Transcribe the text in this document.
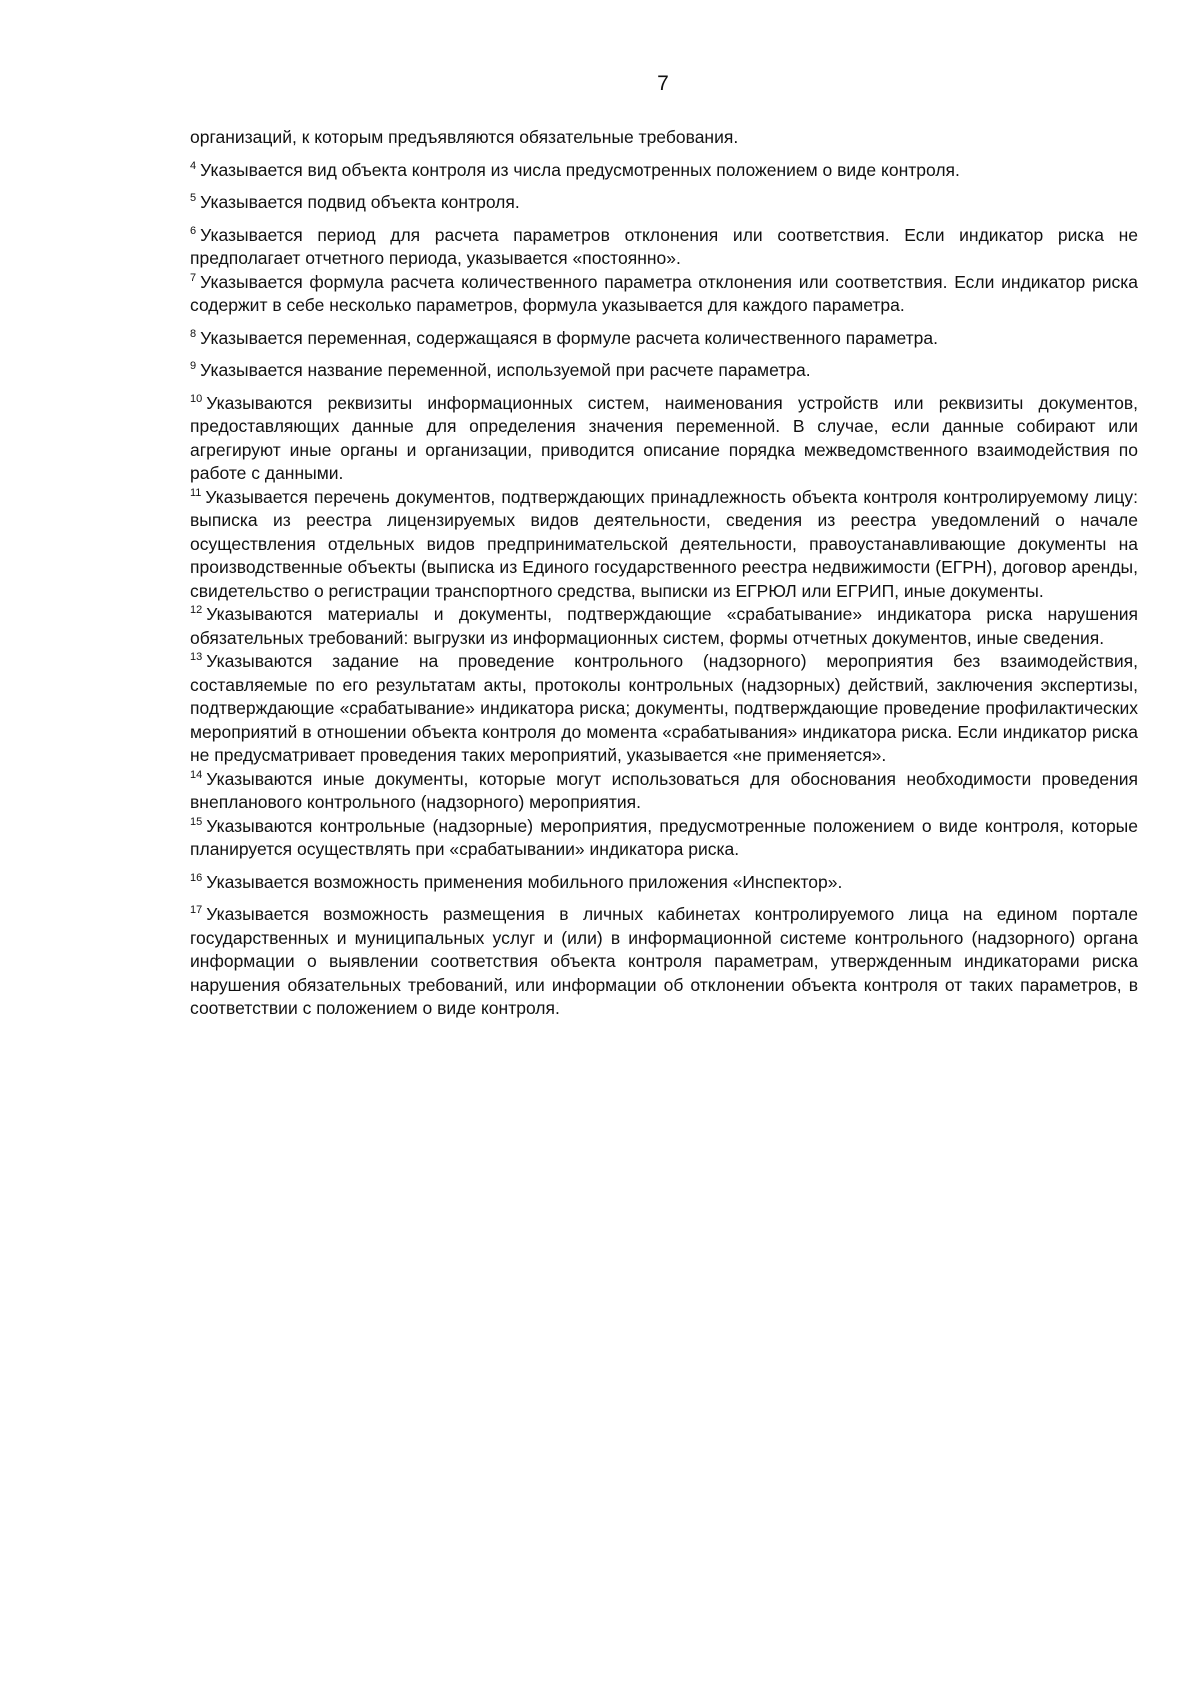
7

организаций, к которым предъявляются обязательные требования.

$^4$ Указывается вид объекта контроля из числа предусмотренных положением о виде контроля.

$^5$ Указывается подвид объекта контроля.

$^6$ Указывается период для расчета параметров отклонения или соответствия. Если индикатор риска не предполагает отчетного периода, указывается «постоянно».

$^7$ Указывается формула расчета количественного параметра отклонения или соответствия. Если индикатор риска содержит в себе несколько параметров, формула указывается для каждого параметра.

$^8$ Указывается переменная, содержащаяся в формуле расчета количественного параметра.

$^9$ Указывается название переменной, используемой при расчете параметра.

$^{10}$ Указываются реквизиты информационных систем, наименования устройств или реквизиты документов, предоставляющих данные для определения значения переменной. В случае, если данные собирают или агрегируют иные органы и организации, приводится описание порядка межведомственного взаимодействия по работе с данными.

$^{11}$ Указывается перечень документов, подтверждающих принадлежность объекта контроля контролируемому лицу: выписка из реестра лицензируемых видов деятельности, сведения из реестра уведомлений о начале осуществления отдельных видов предпринимательской деятельности, правоустанавливающие документы на производственные объекты (выписка из Единого государственного реестра недвижимости (ЕГРН), договор аренды, свидетельство о регистрации транспортного средства, выписки из ЕГРЮЛ или ЕГРИП, иные документы.

$^{12}$ Указываются материалы и документы, подтверждающие «срабатывание» индикатора риска нарушения обязательных требований: выгрузки из информационных систем, формы отчетных документов, иные сведения.

$^{13}$ Указываются задание на проведение контрольного (надзорного) мероприятия без взаимодействия, составляемые по его результатам акты, протоколы контрольных (надзорных) действий, заключения экспертизы, подтверждающие «срабатывание» индикатора риска; документы, подтверждающие проведение профилактических мероприятий в отношении объекта контроля до момента «срабатывания» индикатора риска. Если индикатор риска не предусматривает проведения таких мероприятий, указывается «не применяется».

$^{14}$ Указываются иные документы, которые могут использоваться для обоснования необходимости проведения внепланового контрольного (надзорного) мероприятия.

$^{15}$ Указываются контрольные (надзорные) мероприятия, предусмотренные положением о виде контроля, которые планируется осуществлять при «срабатывании» индикатора риска.

$^{16}$ Указывается возможность применения мобильного приложения «Инспектор».

$^{17}$ Указывается возможность размещения в личных кабинетах контролируемого лица на едином портале государственных и муниципальных услуг и (или) в информационной системе контрольного (надзорного) органа информации о выявлении соответствия объекта контроля параметрам, утвержденным индикаторами риска нарушения обязательных требований, или информации об отклонении объекта контроля от таких параметров, в соответствии с положением о виде контроля.
